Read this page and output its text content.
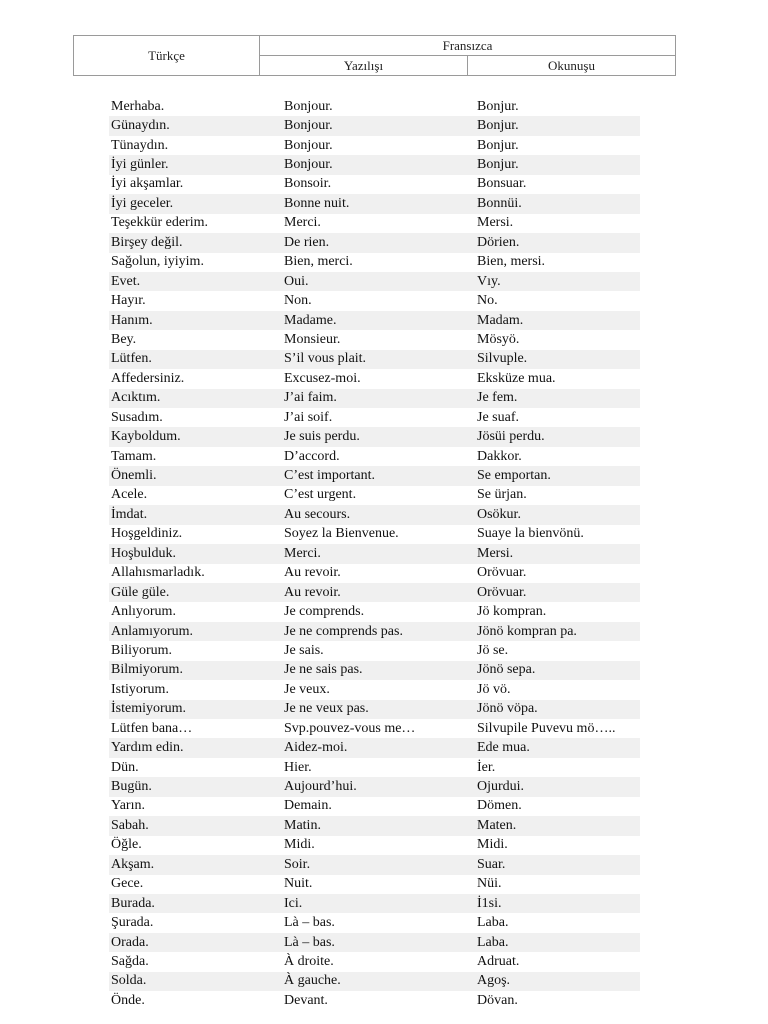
Türkçe	Fransızca	
	Yazılışı	Okunuşu
Merhaba.	Bonjour.	Bonjur.
Günaydın.	Bonjour.	Bonjur.
Tünaydın.	Bonjour.	Bonjur.
İyi günler.	Bonjour.	Bonjur.
İyi akşamlar.	Bonsoir.	Bonsuar.
İyi geceler.	Bonne nuit.	Bonnüi.
Teşekkür ederim.	Merci.	Mersi.
Birşey değil.	De rien.	Dörien.
Sağolun, iyiyim.	Bien, merci.	Bien, mersi.
Evet.	Oui.	Vıy.
Hayır.	Non.	No.
Hanım.	Madame.	Madam.
Bey.	Monsieur.	Mösyö.
Lütfen.	S’il vous plait.	Silvuple.
Affedersiniz.	Excusez-moi.	Eksküze mua.
Acıktım.	J’ai faim.	Je fem.
Susadım.	J’ai soif.	Je suaf.
Kayboldum.	Je suis perdu.	Jösüi perdu.
Tamam.	D’accord.	Dakkor.
Önemli.	C’est important.	Se emportan.
Acele.	C’est urgent.	Se ürjan.
İmdat.	Au secours.	Osökur.
Hoşgeldiniz.	Soyez la Bienvenue.	Suaye la bienvönü.
Hoşbulduk.	Merci.	Mersi.
Allahısmarladık.	Au revoir.	Orövuar.
Güle güle.	Au revoir.	Orövuar.
Anlıyorum.	Je comprends.	Jö kompran.
Anlamıyorum.	Je ne comprends pas.	Jönö kompran pa.
Biliyorum.	Je sais.	Jö se.
Bilmiyorum.	Je ne sais pas.	Jönö sepa.
Istiyorum.	Je veux.	Jö vö.
İstemiyorum.	Je ne veux pas.	Jönö vöpa.
Lütfen bana…	Svp.pouvez-vous me…	Silvupile Puvevu mö…..
Yardım edin.	Aidez-moi.	Ede mua.
Dün.	Hier.	İer.
Bugün.	Aujourd’hui.	Ojurdui.
Yarın.	Demain.	Dömen.
Sabah.	Matin.	Maten.
Öğle.	Midi.	Midi.
Akşam.	Soir.	Suar.
Gece.	Nuit.	Nüi.
Burada.	Ici.	İ1si.
Şurada.	Là – bas.	Laba.
Orada.	Là – bas.	Laba.
Sağda.	À droite.	Adruat.
Solda.	À gauche.	Agoş.
Önde.	Devant.	Dövan.
